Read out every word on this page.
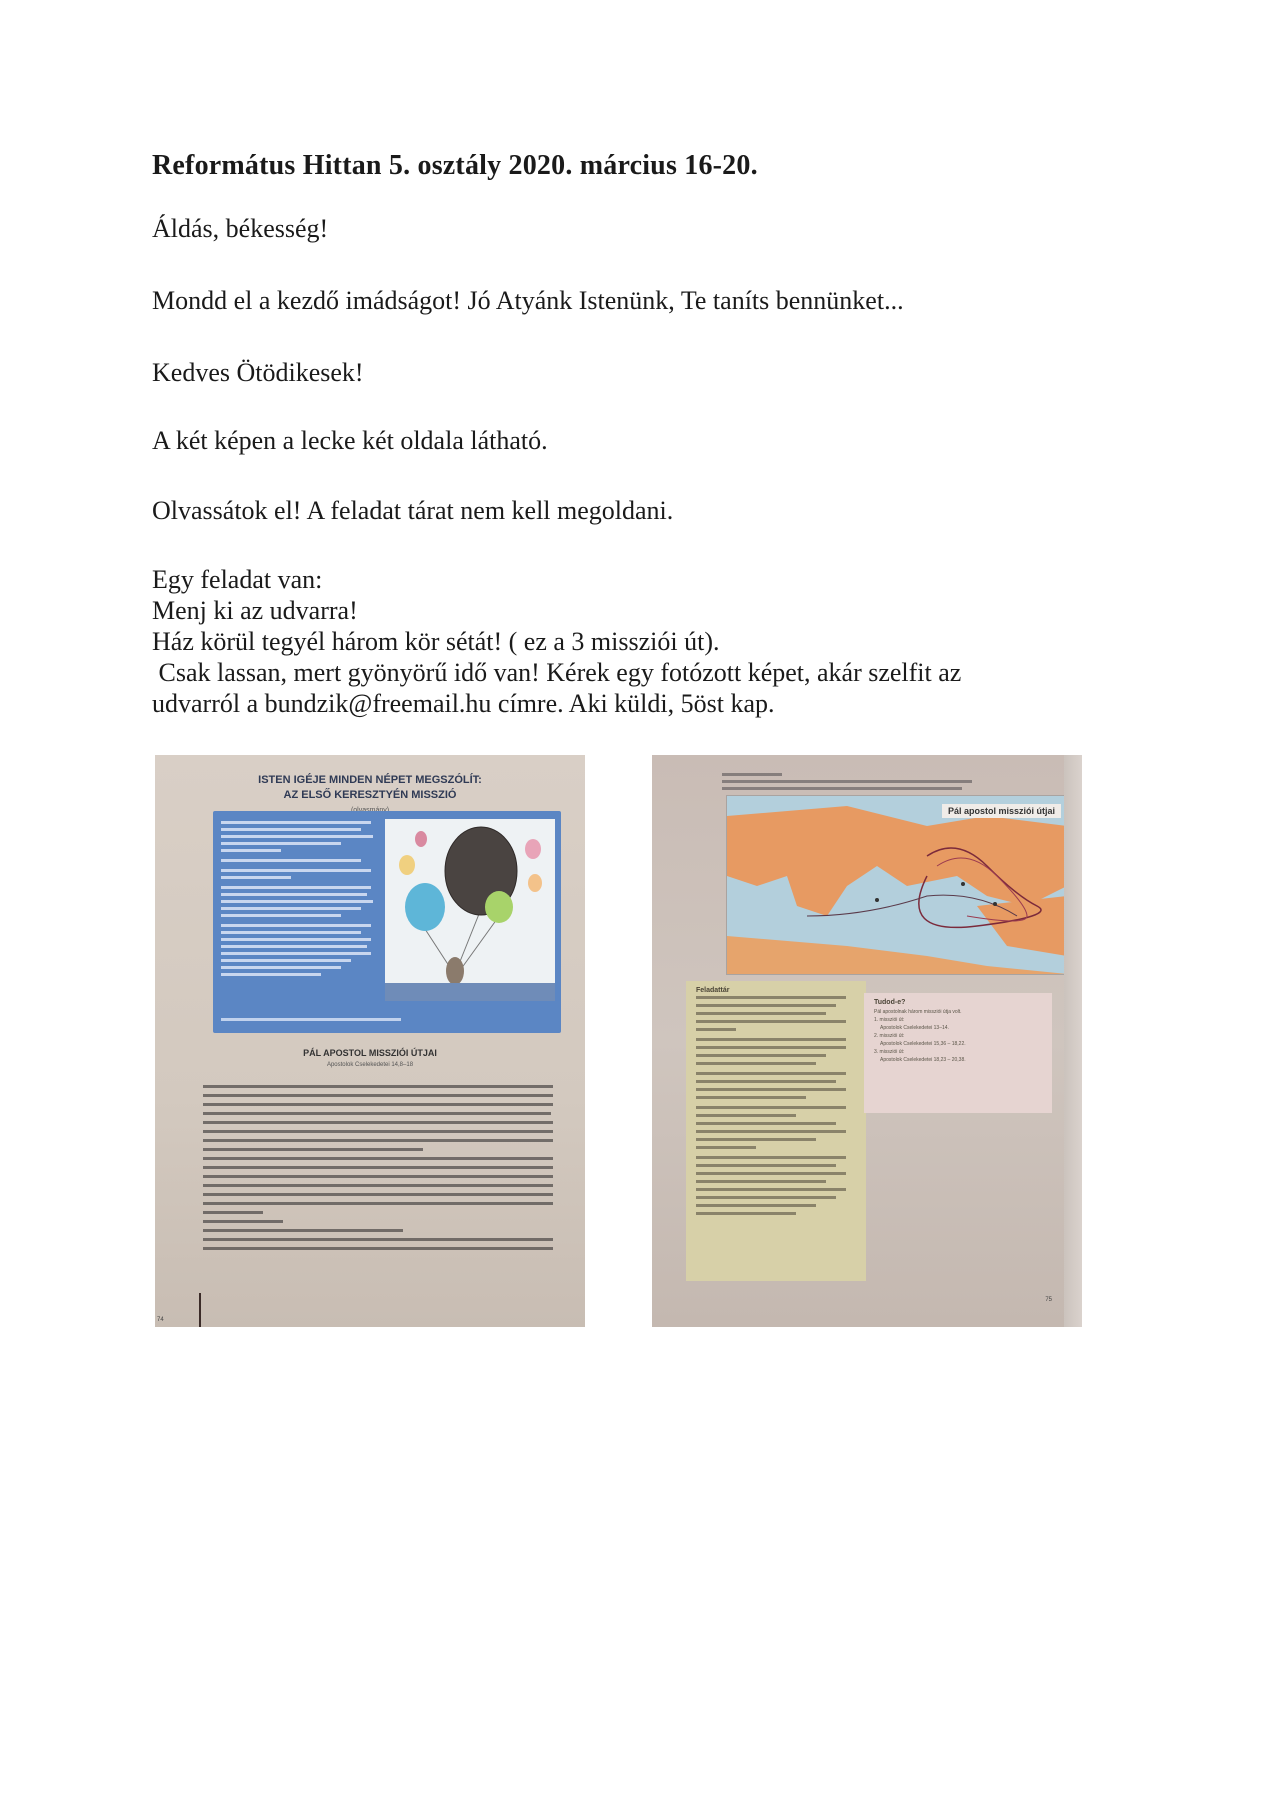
Református Hittan 5. osztály 2020. március 16-20.
Áldás, békesség!
Mondd el a kezdő imádságot! Jó Atyánk Istenünk, Te taníts bennünket...
Kedves Ötödikesek!
A két képen a lecke két oldala látható.
Olvassátok el! A feladat tárat nem kell megoldani.
Egy feladat van:
Menj ki az udvarra!
Ház körül tegyél három kör sétát! ( ez a 3 missziói út).
Csak lassan, mert gyönyörű idő van! Kérek egy fotózott képet, akár szelfit az
udvarról a bundzik@freemail.hu címre. Aki küldi, 5öst kap.
ISTEN IGÉJE MINDEN NÉPET MEGSZÓLÍT:
AZ ELSŐ KERESZTYÉN MISSZIÓ
PÁL APOSTOL MISSZIÓI ÚTJAI
Apostolok Cselekedetei 14,8–18
74
Pál apostol missziói útjai
Feladattár
Tudod-e?
Pál apostolnak három missziói útja volt.
1. missziói út:
Apostolok Cselekedetei 13–14.
2. missziói út:
Apostolok Cselekedetei 15,36 – 18,22.
3. missziói út:
Apostolok Cselekedetei 18,23 – 20,38.
75
